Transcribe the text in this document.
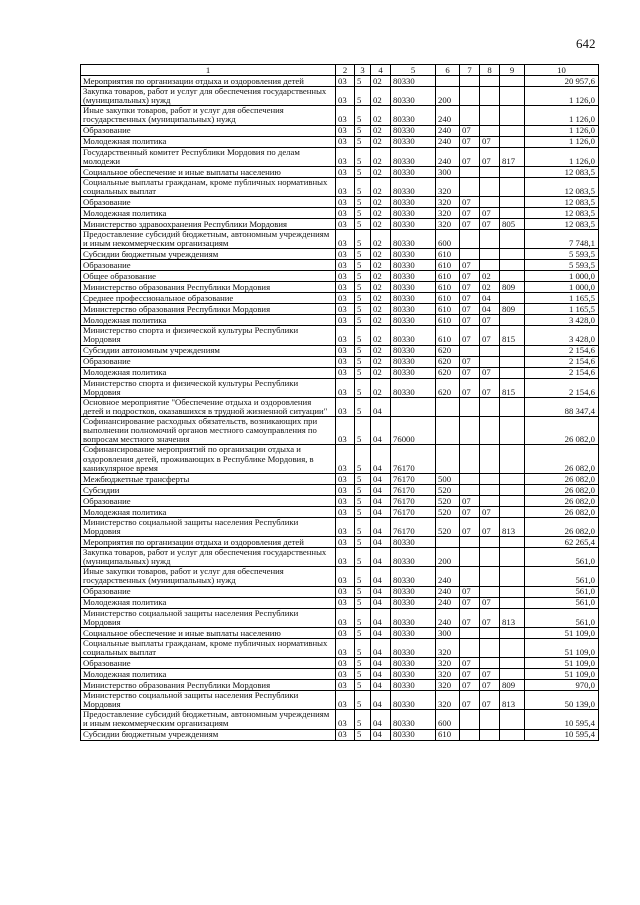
642
1	2	3	4	5	6	7	8	9	10
Мероприятия по организации отдыха и оздоровления детей	03	5	02	80330					20 957,6
Закупка товаров, работ и услуг для обеспечения государственных (муниципальных) нужд	03	5	02	80330	200				1 126,0
Иные закупки товаров, работ и услуг для обеспечения государственных (муниципальных) нужд	03	5	02	80330	240				1 126,0
Образование	03	5	02	80330	240	07			1 126,0
Молодежная политика	03	5	02	80330	240	07	07		1 126,0
Государственный комитет Республики Мордовия по делам молодежи	03	5	02	80330	240	07	07	817	1 126,0
Социальное обеспечение и иные выплаты населению	03	5	02	80330	300				12 083,5
Социальные выплаты гражданам, кроме публичных нормативных социальных выплат	03	5	02	80330	320				12 083,5
Образование	03	5	02	80330	320	07			12 083,5
Молодежная политика	03	5	02	80330	320	07	07		12 083,5
Министерство здравоохранения Республики Мордовия	03	5	02	80330	320	07	07	805	12 083,5
Предоставление субсидий бюджетным, автономным учреждениям и иным некоммерческим организациям	03	5	02	80330	600				7 748,1
Субсидии бюджетным учреждениям	03	5	02	80330	610				5 593,5
Образование	03	5	02	80330	610	07			5 593,5
Общее образование	03	5	02	80330	610	07	02		1 000,0
Министерство образования Республики Мордовия	03	5	02	80330	610	07	02	809	1 000,0
Среднее профессиональное образование	03	5	02	80330	610	07	04		1 165,5
Министерство образования Республики Мордовия	03	5	02	80330	610	07	04	809	1 165,5
Молодежная политика	03	5	02	80330	610	07	07		3 428,0
Министерство спорта и физической культуры Республики Мордовия	03	5	02	80330	610	07	07	815	3 428,0
Субсидии автономным учреждениям	03	5	02	80330	620				2 154,6
Образование	03	5	02	80330	620	07			2 154,6
Молодежная политика	03	5	02	80330	620	07	07		2 154,6
Министерство спорта и физической культуры Республики Мордовия	03	5	02	80330	620	07	07	815	2 154,6
Основное мероприятие "Обеспечение отдыха и оздоровления детей и подростков, оказавшихся в трудной жизненной ситуации"	03	5	04						88 347,4
Софинансирование расходных обязательств, возникающих при выполнении полномочий органов местного самоуправления по вопросам местного значения	03	5	04	76000					26 082,0
Софинансирование мероприятий по организации отдыха и оздоровления детей, проживающих в Республике Мордовия, в каникулярное время	03	5	04	76170					26 082,0
Межбюджетные трансферты	03	5	04	76170	500				26 082,0
Субсидии	03	5	04	76170	520				26 082,0
Образование	03	5	04	76170	520	07			26 082,0
Молодежная политика	03	5	04	76170	520	07	07		26 082,0
Министерство социальной защиты населения Республики Мордовия	03	5	04	76170	520	07	07	813	26 082,0
Мероприятия по организации отдыха и оздоровления детей	03	5	04	80330					62 265,4
Закупка товаров, работ и услуг для обеспечения государственных (муниципальных) нужд	03	5	04	80330	200				561,0
Иные закупки товаров, работ и услуг для обеспечения государственных (муниципальных) нужд	03	5	04	80330	240				561,0
Образование	03	5	04	80330	240	07			561,0
Молодежная политика	03	5	04	80330	240	07	07		561,0
Министерство социальной защиты населения Республики Мордовия	03	5	04	80330	240	07	07	813	561,0
Социальное обеспечение и иные выплаты населению	03	5	04	80330	300				51 109,0
Социальные выплаты гражданам, кроме публичных нормативных социальных выплат	03	5	04	80330	320				51 109,0
Образование	03	5	04	80330	320	07			51 109,0
Молодежная политика	03	5	04	80330	320	07	07		51 109,0
Министерство образования Республики Мордовия	03	5	04	80330	320	07	07	809	970,0
Министерство социальной защиты населения Республики Мордовия	03	5	04	80330	320	07	07	813	50 139,0
Предоставление субсидий бюджетным, автономным учреждениям и иным некоммерческим организациям	03	5	04	80330	600				10 595,4
Субсидии бюджетным учреждениям	03	5	04	80330	610				10 595,4
